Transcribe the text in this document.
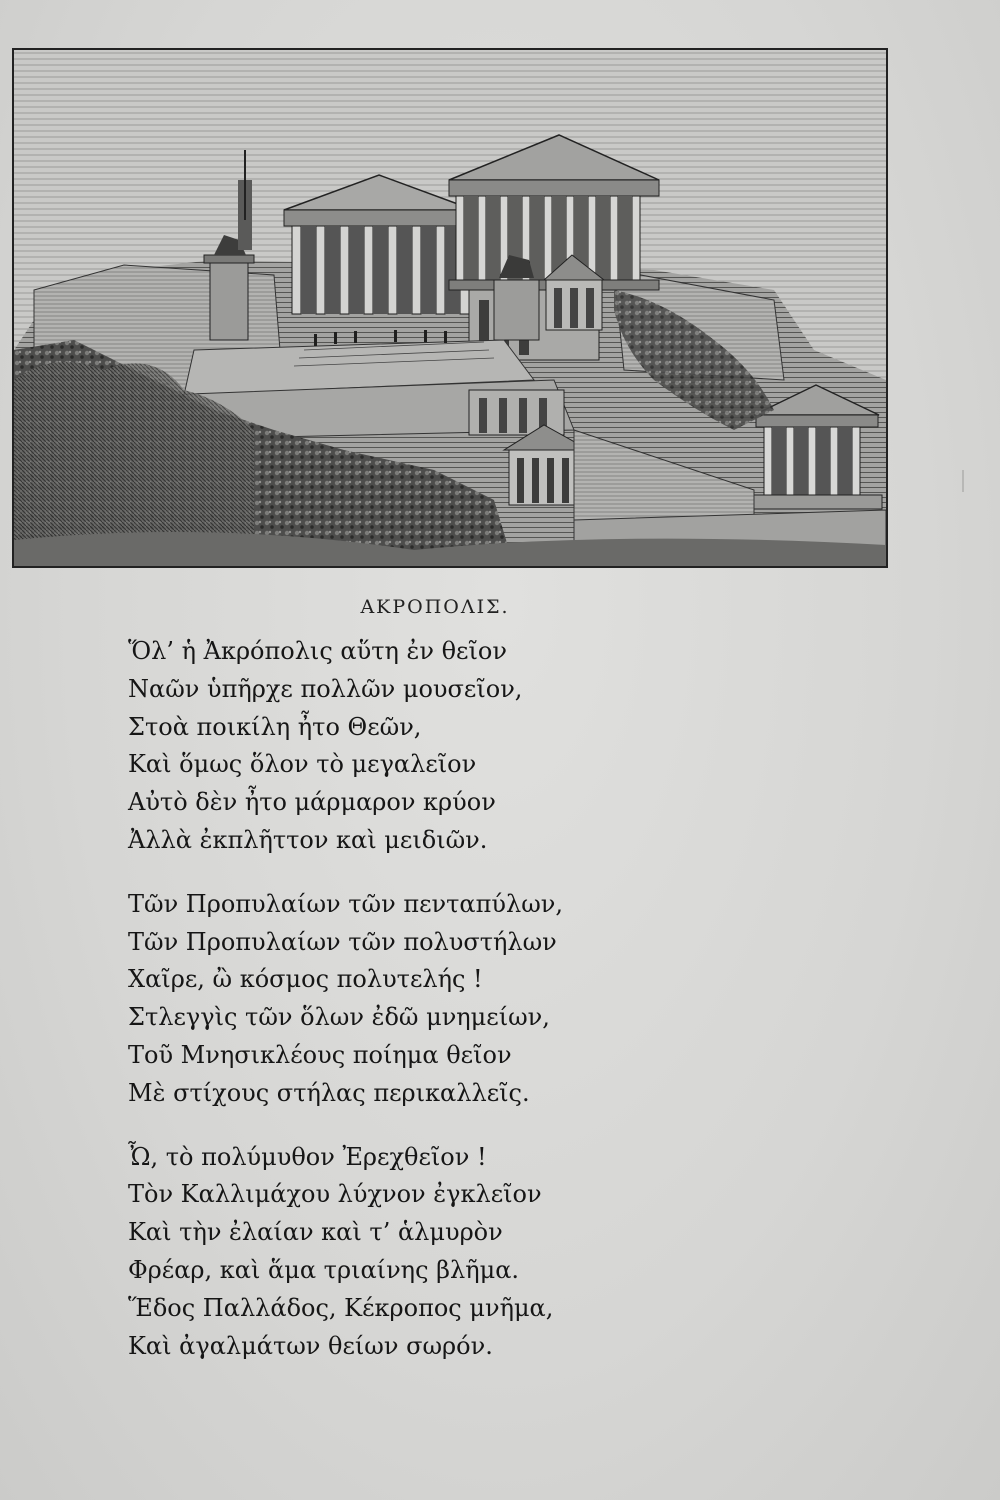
ΑΚΡΟΠΟΛΙΣ.
Ὅλ’ ἡ Ἀκρόπολις αὕτη ἐν θεῖον
Ναῶν ὑπῆρχε πολλῶν μουσεῖον,
Στοὰ ποικίλη ἦτο Θεῶν,
Καὶ ὅμως ὅλον τὸ μεγαλεῖον
Αὐτὸ δὲν ἦτο μάρμαρον κρύον
Ἀλλὰ ἐκπλῆττον καὶ μειδιῶν.
Τῶν Προπυλαίων τῶν πενταπύλων,
Τῶν Προπυλαίων τῶν πολυστήλων
Χαῖρε, ὢ κόσμος πολυτελής !
Στλεγγὶς τῶν ὅλων ἐδῶ μνημείων,
Τοῦ Μνησικλέους ποίημα θεῖον
Μὲ στίχους στήλας περικαλλεῖς.
Ὦ, τὸ πολύμυθον Ἐρεχθεῖον !
Τὸν Καλλιμάχου λύχνον ἐγκλεῖον
Καὶ τὴν ἐλαίαν καὶ τ’ ἁλμυρὸν
Φρέαρ, καὶ ἅμα τριαίνης βλῆμα.
Ἕδος Παλλάδος, Κέκροπος μνῆμα,
Καὶ ἀγαλμάτων θείων σωρόν.
